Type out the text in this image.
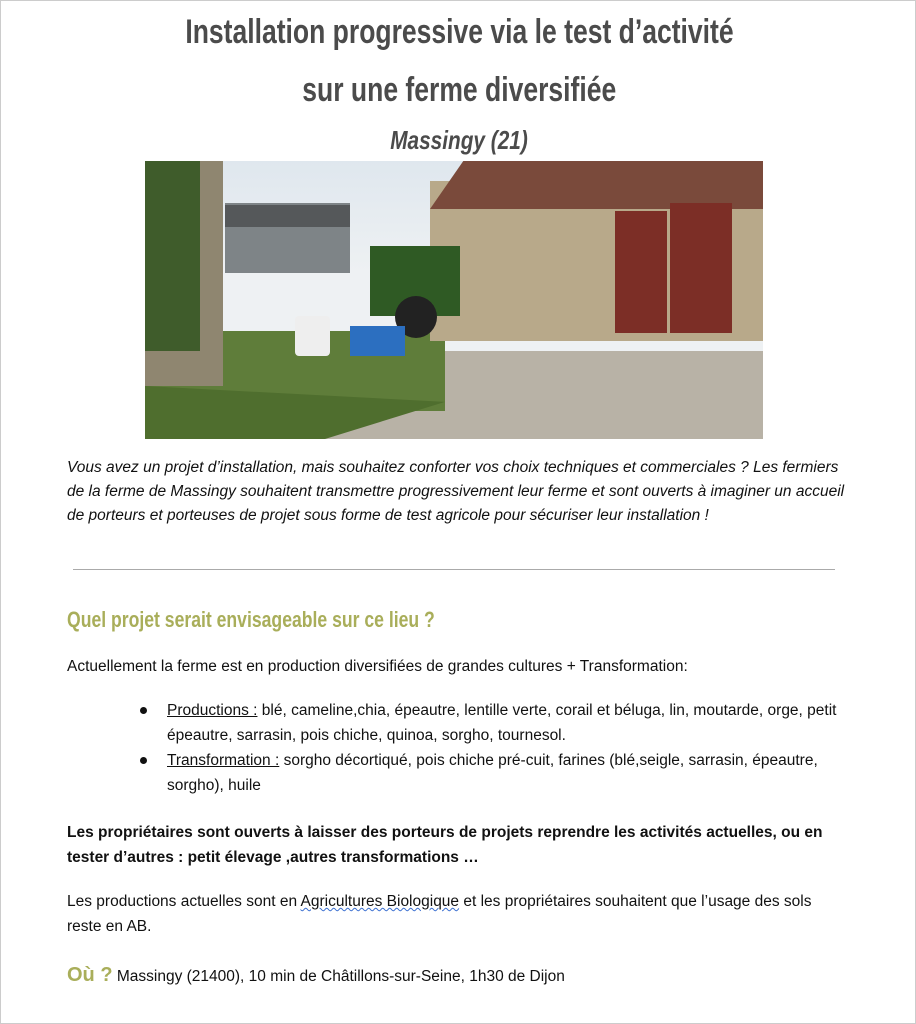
Installation progressive via le test d’activité
sur une ferme diversifiée
Massingy (21)
Vous avez un projet d’installation, mais souhaitez conforter vos choix techniques et commerciales ? Les fermiers de la ferme de Massingy souhaitent transmettre progressivement leur ferme et sont ouverts à imaginer un accueil de porteurs et porteuses de projet sous forme de test agricole pour sécuriser leur installation !
Quel projet serait envisageable sur ce lieu ?
Actuellement la ferme est en production diversifiées de grandes cultures + Transformation:
Productions : blé, cameline,chia, épeautre, lentille verte, corail et béluga, lin, moutarde, orge, petit épeautre, sarrasin, pois chiche, quinoa, sorgho, tournesol.
Transformation : sorgho décortiqué, pois chiche pré-cuit, farines (blé,seigle, sarrasin, épeautre, sorgho), huile
Les propriétaires sont ouverts à laisser des porteurs de projets reprendre les activités actuelles, ou en tester d’autres : petit élevage ,autres transformations …
Les productions actuelles sont en Agricultures Biologique et les propriétaires souhaitent que l’usage des sols reste en AB.
Où ? Massingy (21400), 10 min de Châtillons-sur-Seine, 1h30 de Dijon
